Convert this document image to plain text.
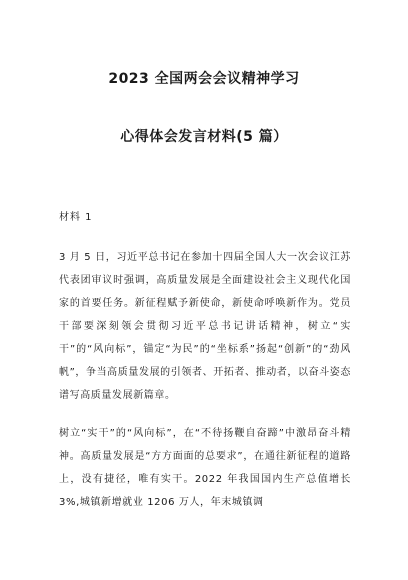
2023 全国两会会议精神学习
心得体会发言材料(5 篇）
材料 1
3 月 5 日，习近平总书记在参加十四届全国人大一次会议江苏代表团审议时强调，高质量发展是全面建设社会主义现代化国家的首要任务。新征程赋予新使命，新使命呼唤新作为。党员干部要深刻领会贯彻习近平总书记讲话精神，树立“实干”的“风向标”，锚定“为民”的“坐标系”扬起“创新”的“劲风帆”，争当高质量发展的引领者、开拓者、推动者，以奋斗姿态谱写高质量发展新篇章。
树立“实干”的“风向标”，在“不待扬鞭自奋蹄”中激昂奋斗精神。高质量发展是“方方面面的总要求”，在通往新征程的道路上，没有捷径，唯有实干。2022 年我国国内生产总值增长 3%,城镇新增就业 1206 万人，年末城镇调
